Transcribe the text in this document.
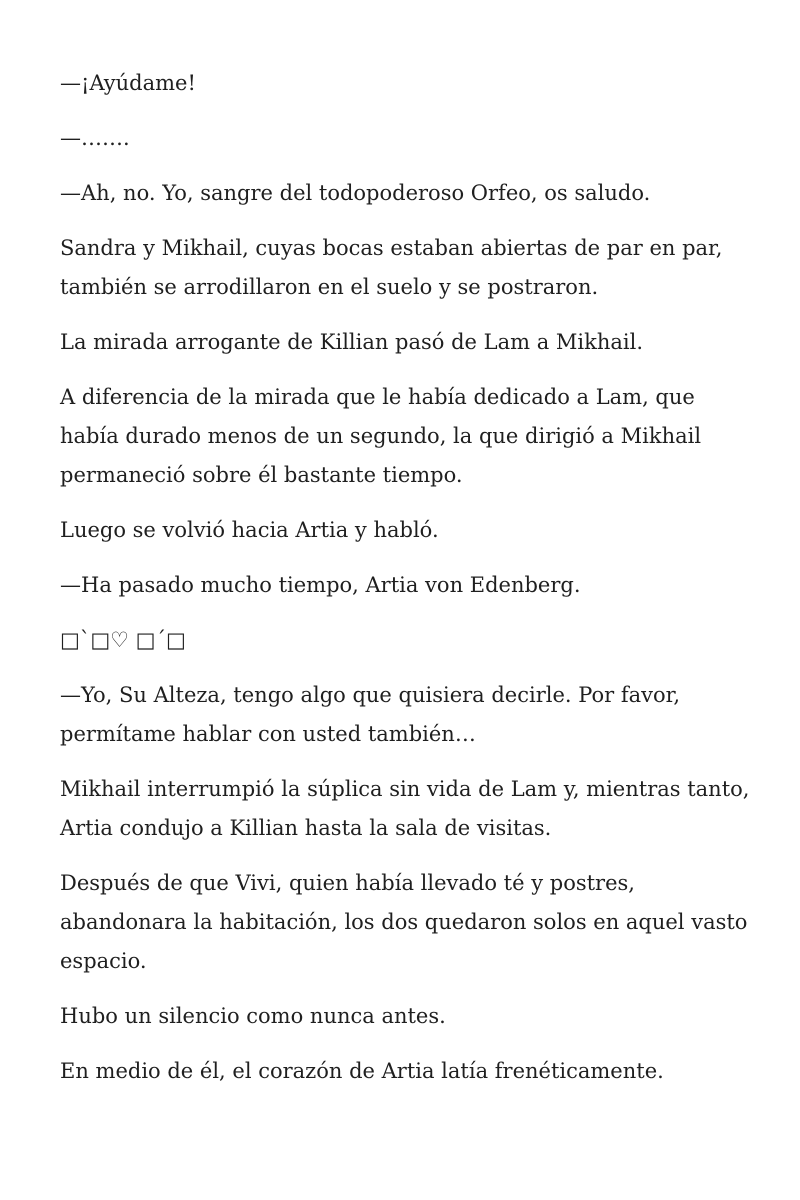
—¡Ayúdame!

—…….

—Ah, no. Yo, sangre del todopoderoso Orfeo, os saludo.

Sandra y Mikhail, cuyas bocas estaban abiertas de par en par, también se arrodillaron en el suelo y se postraron.

La mirada arrogante de Killian pasó de Lam a Mikhail.

A diferencia de la mirada que le había dedicado a Lam, que había durado menos de un segundo, la que dirigió a Mikhail permaneció sobre él bastante tiempo.

Luego se volvió hacia Artia y habló.

—Ha pasado mucho tiempo, Artia von Edenberg.

□`□♡ □´□

—Yo, Su Alteza, tengo algo que quisiera decirle. Por favor, permítame hablar con usted también…

Mikhail interrumpió la súplica sin vida de Lam y, mientras tanto, Artia condujo a Killian hasta la sala de visitas.

Después de que Vivi, quien había llevado té y postres, abandonara la habitación, los dos quedaron solos en aquel vasto espacio.

Hubo un silencio como nunca antes.

En medio de él, el corazón de Artia latía frenéticamente.
